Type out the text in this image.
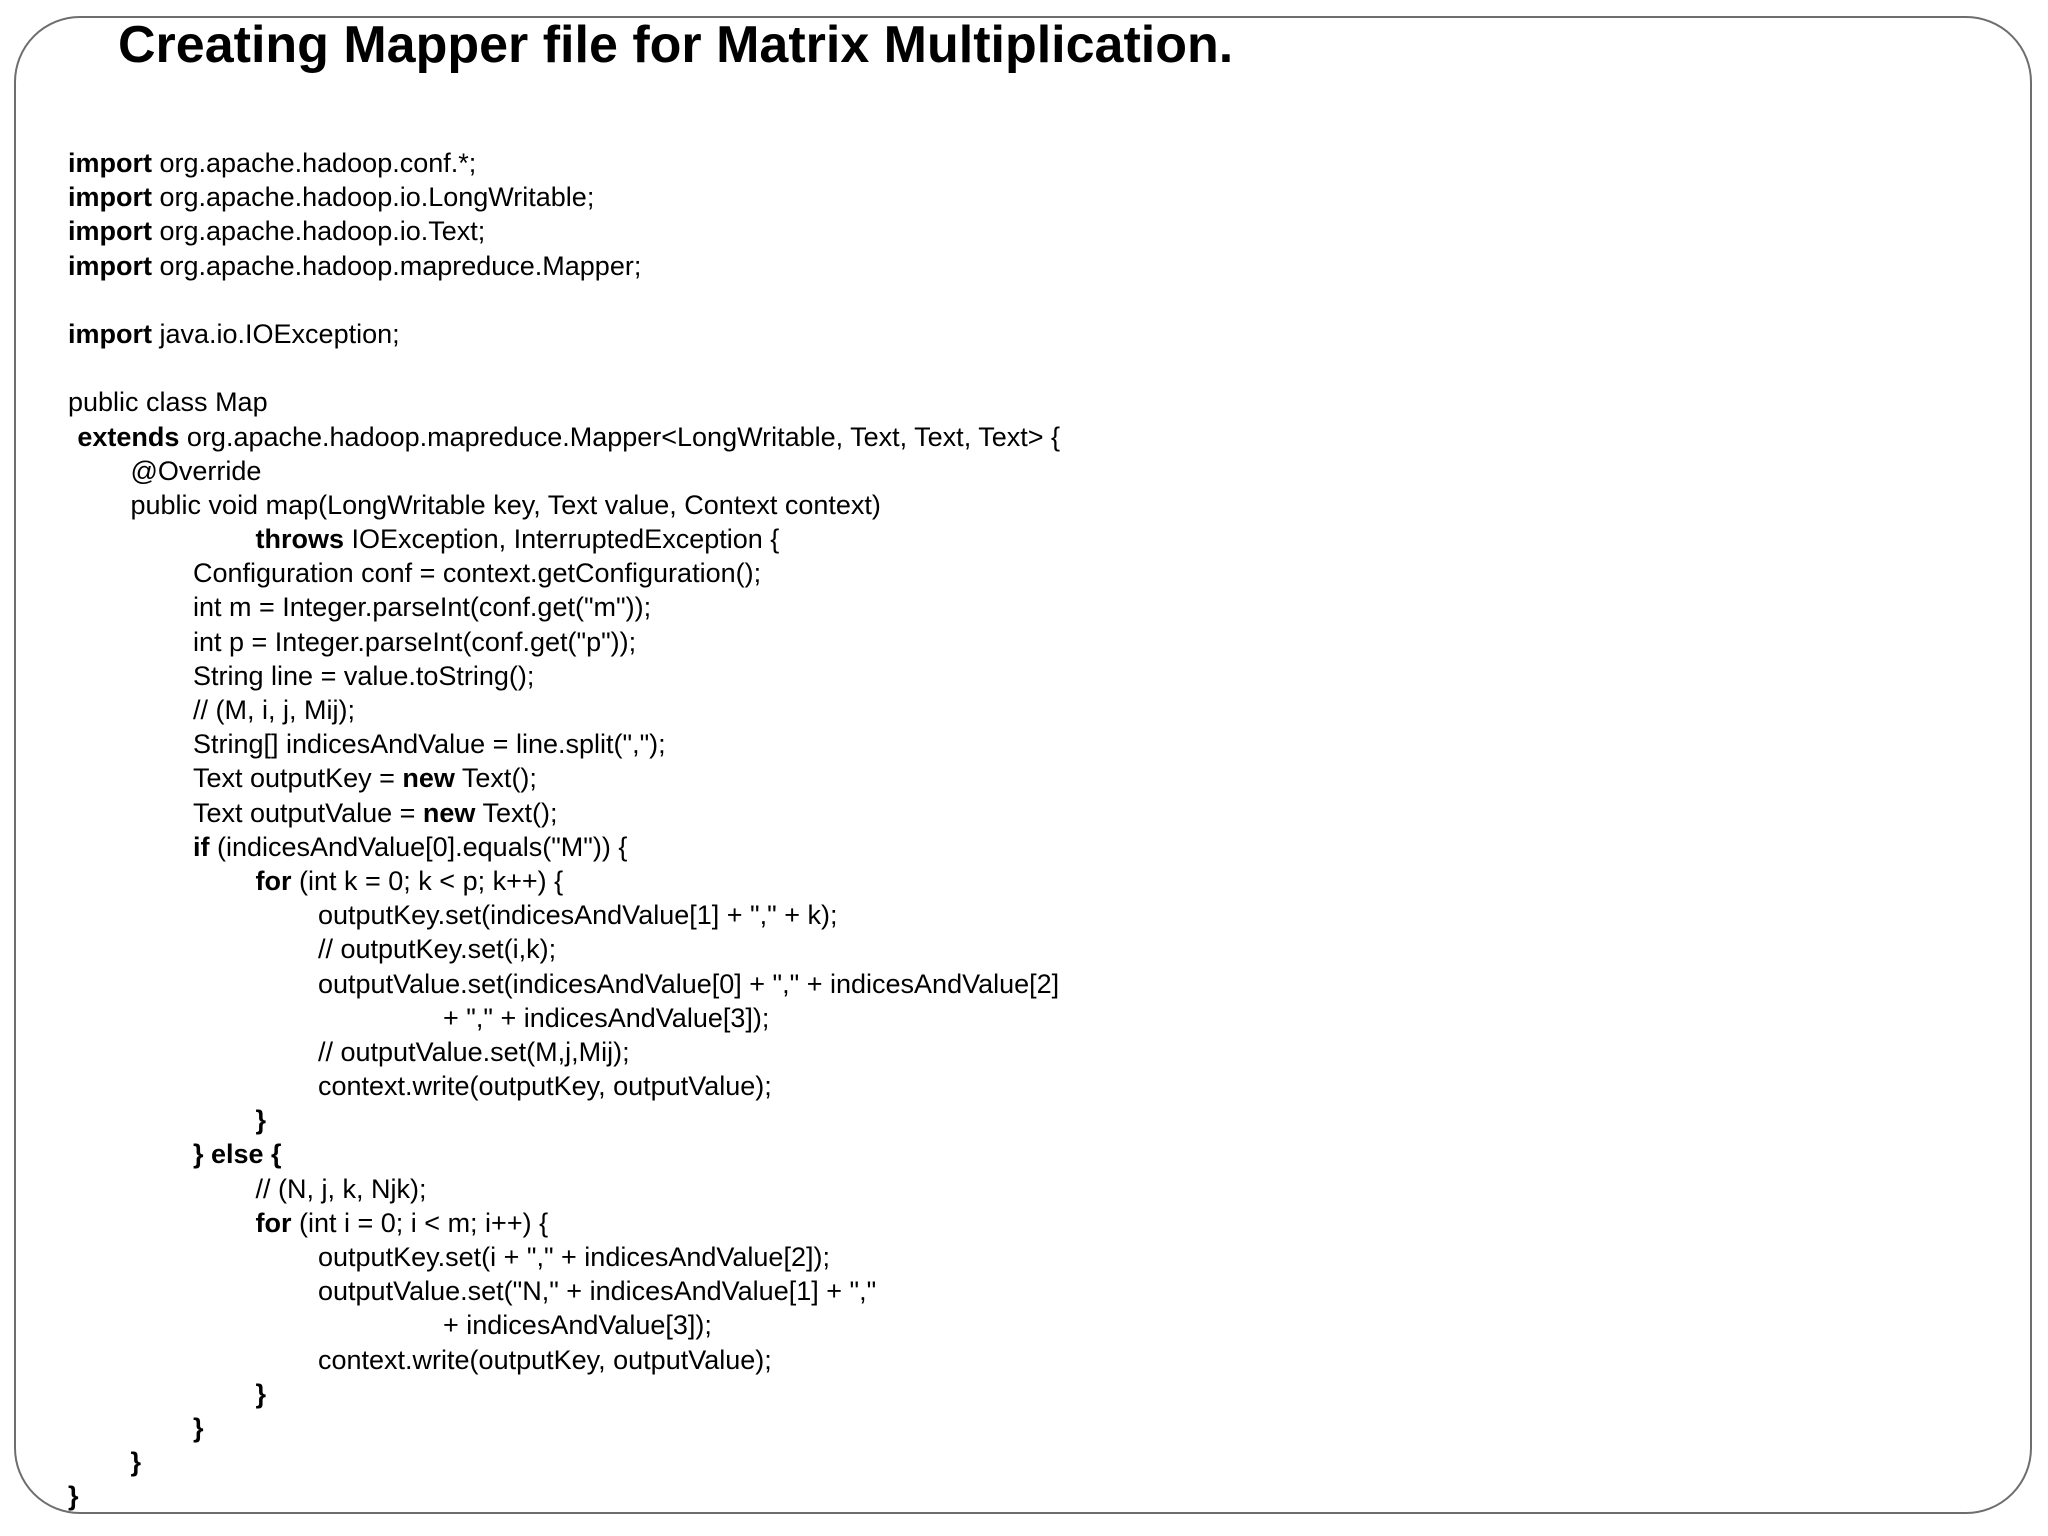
Creating Mapper file for Matrix Multiplication.
import org.apache.hadoop.conf.*;
import org.apache.hadoop.io.LongWritable;
import org.apache.hadoop.io.Text;
import org.apache.hadoop.mapreduce.Mapper;
import java.io.IOException;
public class Map
extends org.apache.hadoop.mapreduce.Mapper<LongWritable, Text, Text, Text> {
@Override
public void map(LongWritable key, Text value, Context context)
throws IOException, InterruptedException {
Configuration conf = context.getConfiguration();
int m = Integer.parseInt(conf.get("m"));
int p = Integer.parseInt(conf.get("p"));
String line = value.toString();
// (M, i, j, Mij);
String[] indicesAndValue = line.split(",");
Text outputKey = new Text();
Text outputValue = new Text();
if (indicesAndValue[0].equals("M")) {
for (int k = 0; k < p; k++) {
outputKey.set(indicesAndValue[1] + "," + k);
// outputKey.set(i,k);
outputValue.set(indicesAndValue[0] + "," + indicesAndValue[2]
+ "," + indicesAndValue[3]);
// outputValue.set(M,j,Mij);
context.write(outputKey, outputValue);
}
} else {
// (N, j, k, Njk);
for (int i = 0; i < m; i++) {
outputKey.set(i + "," + indicesAndValue[2]);
outputValue.set("N," + indicesAndValue[1] + ","
+ indicesAndValue[3]);
context.write(outputKey, outputValue);
}
}
}
}
